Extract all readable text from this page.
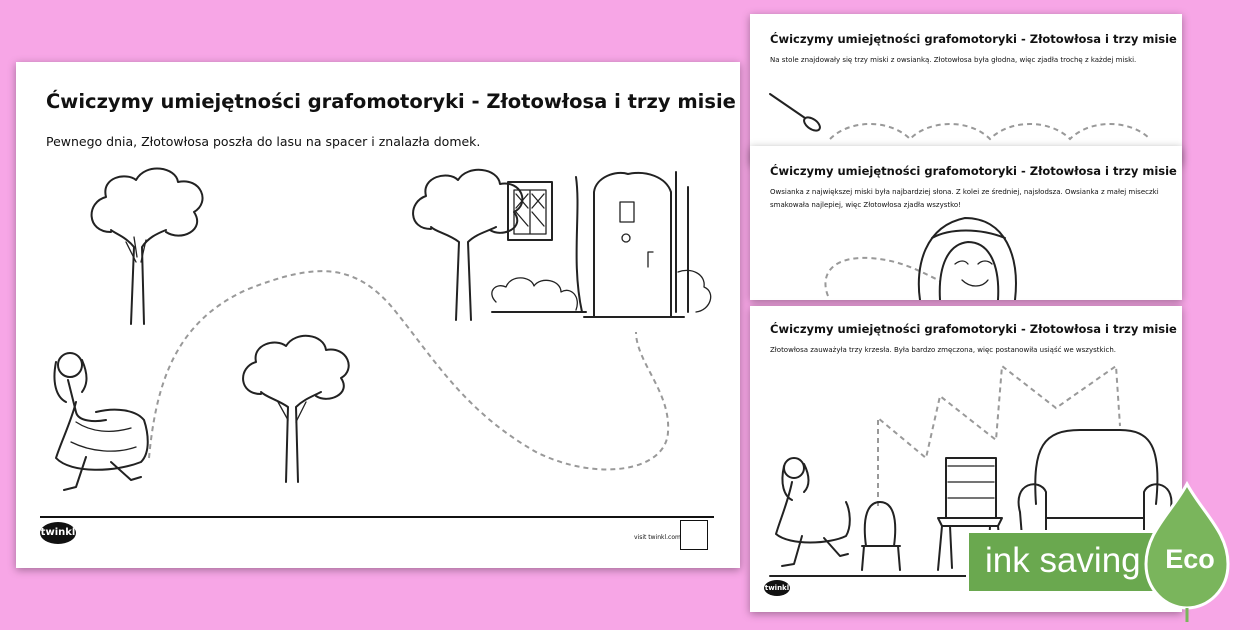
Ćwiczymy umiejętności grafomotoryki - Złotowłosa i trzy misie
Pewnego dnia, Złotowłosa poszła do lasu na spacer i znalazła domek.
twinkl	visit twinkl.com
Ćwiczymy umiejętności grafomotoryki - Złotowłosa i trzy misie
Na stole znajdowały się trzy miski z owsianką. Złotowłosa była głodna, więc zjadła trochę z każdej miski.
Ćwiczymy umiejętności grafomotoryki - Złotowłosa i trzy misie
Owsianka z największej miski była najbardziej słona. Z kolei ze średniej, najsłodsza. Owsianka z małej miseczki
smakowała najlepiej, więc Złotowłosa zjadła wszystko!
Ćwiczymy umiejętności grafomotoryki - Złotowłosa i trzy misie
Złotowłosa zauważyła trzy krzesła. Była bardzo zmęczona, więc postanowiła usiąść we wszystkich.
twinkl
ink saving Eco
